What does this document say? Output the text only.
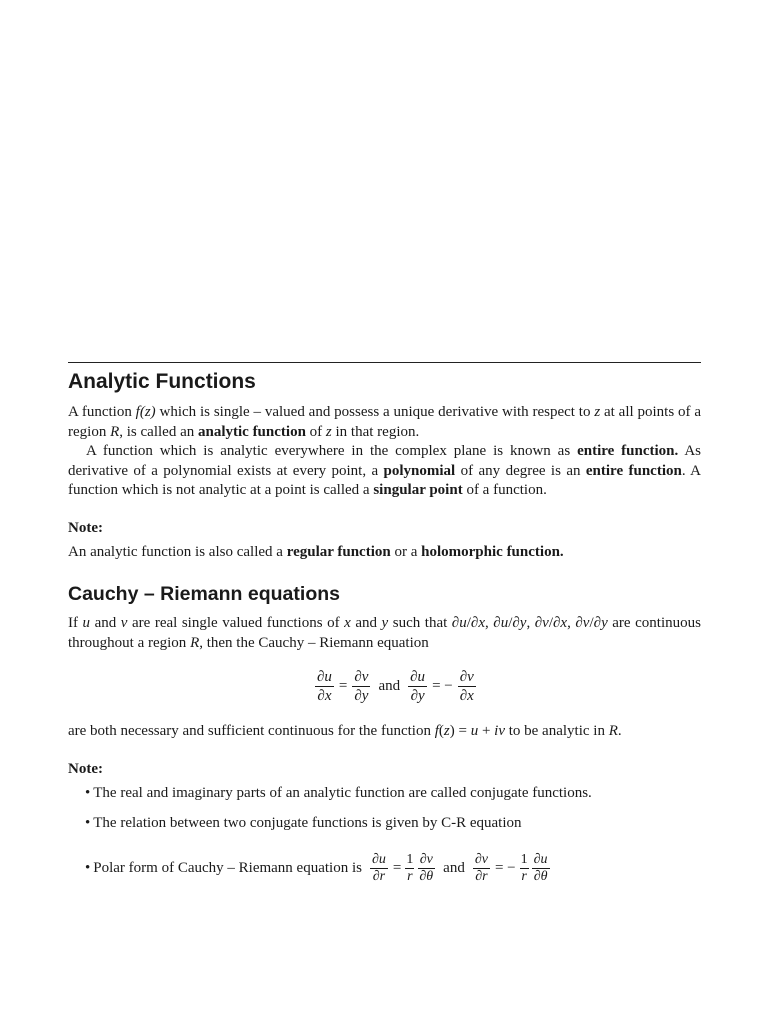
Analytic Functions

A function f(z) which is single – valued and possess a unique derivative with respect to z at all points of a region R, is called an analytic function of z in that region.

A function which is analytic everywhere in the complex plane is known as entire function. As derivative of a polynomial exists at every point, a polynomial of any degree is an entire function. A function which is not analytic at a point is called a singular point of a function.

Note:

An analytic function is also called a regular function or a holomorphic function.

Cauchy – Riemann equations

If u and v are real single valued functions of x and y such that ∂u/∂x, ∂u/∂y, ∂v/∂x, ∂v/∂y are continuous throughout a region R, then the Cauchy – Riemann equation

$\frac{\partial u}{\partial x} = \frac{\partial v}{\partial y}$ and $\frac{\partial u}{\partial y}$ = − $\frac{\partial v}{\partial x}$

are both necessary and sufficient continuous for the function f(z) = u + iv to be analytic in R.

Note:

• The real and imaginary parts of an analytic function are called conjugate functions.

• The relation between two conjugate functions is given by C-R equation

• Polar form of Cauchy – Riemann equation is $\frac{\partial u}{\partial r} = \frac{1}{r} \frac{\partial v}{\partial\theta}$ and $\frac{\partial v}{\partial r}$ = − $\frac{1}{r} \frac{\partial u}{\partial\theta}$
